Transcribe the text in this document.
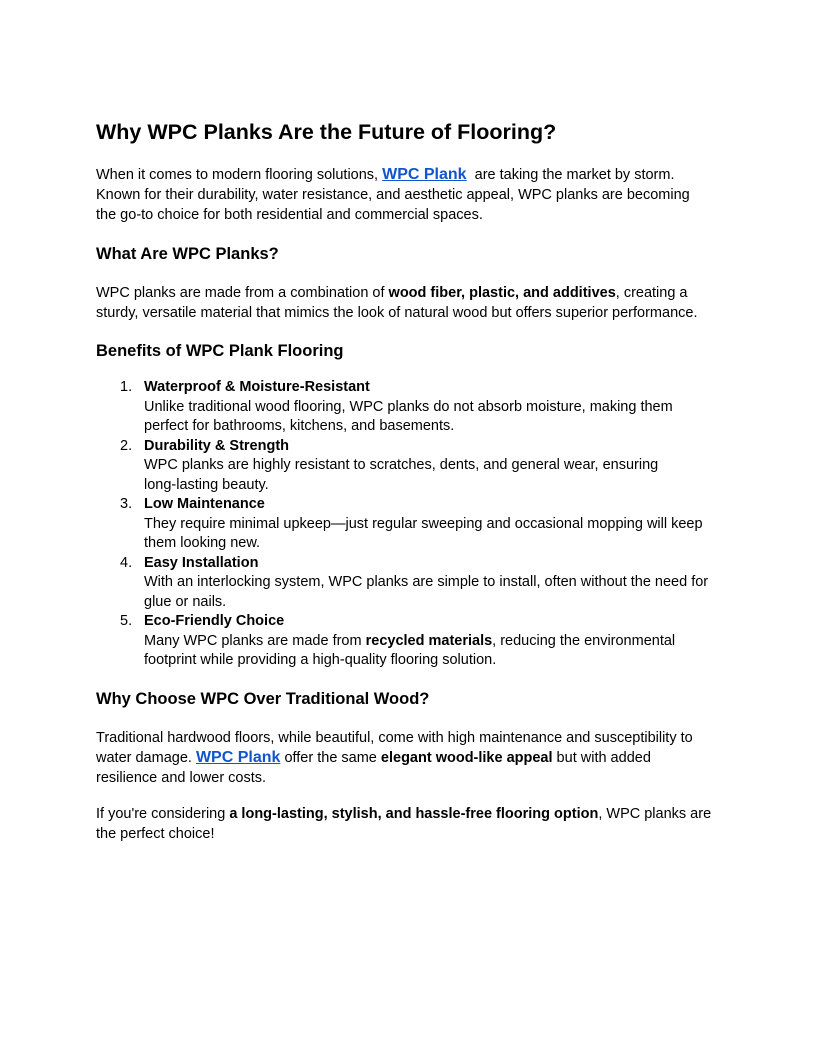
Why WPC Planks Are the Future of Flooring?

When it comes to modern flooring solutions, WPC Plank  are taking the market by storm.
Known for their durability, water resistance, and aesthetic appeal, WPC planks are becoming
the go-to choice for both residential and commercial spaces.

What Are WPC Planks?

WPC planks are made from a combination of wood fiber, plastic, and additives, creating a
sturdy, versatile material that mimics the look of natural wood but offers superior performance.

Benefits of WPC Plank Flooring
1. Waterproof & Moisture-Resistant
Unlike traditional wood flooring, WPC planks do not absorb moisture, making them
perfect for bathrooms, kitchens, and basements.
2. Durability & Strength
WPC planks are highly resistant to scratches, dents, and general wear, ensuring
long-lasting beauty.
3. Low Maintenance
They require minimal upkeep—just regular sweeping and occasional mopping will keep
them looking new.
4. Easy Installation
With an interlocking system, WPC planks are simple to install, often without the need for
glue or nails.
5. Eco-Friendly Choice
Many WPC planks are made from recycled materials, reducing the environmental
footprint while providing a high-quality flooring solution.
Why Choose WPC Over Traditional Wood?

Traditional hardwood floors, while beautiful, come with high maintenance and susceptibility to
water damage. WPC Plank offer the same elegant wood-like appeal but with added
resilience and lower costs.

If you're considering a long-lasting, stylish, and hassle-free flooring option, WPC planks are
the perfect choice!
